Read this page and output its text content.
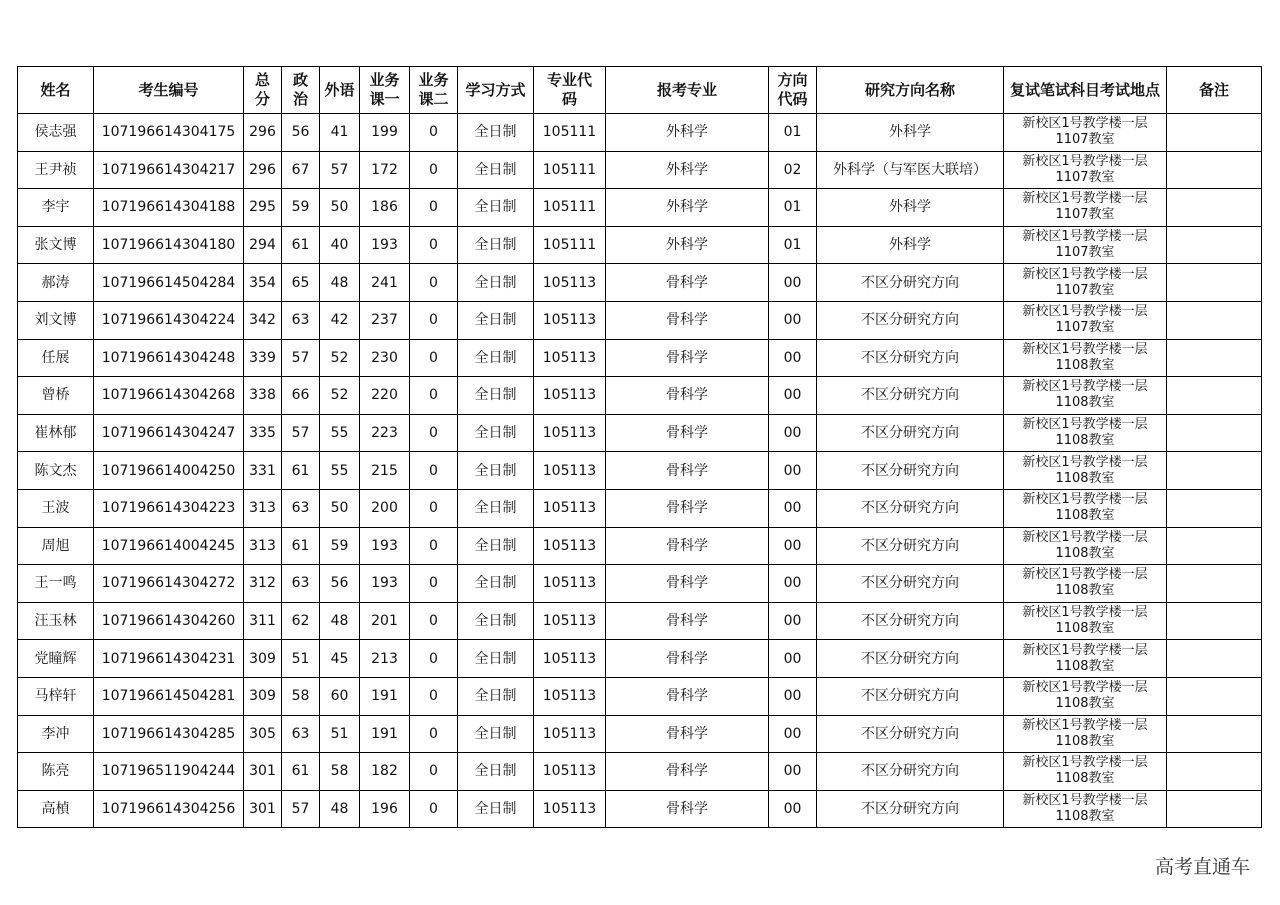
姓名	考生编号	总分	政治	外语	业务课一	业务课二	学习方式	专业代码	报考专业	方向代码	研究方向名称	复试笔试科目考试地点	备注
侯志强	107196614304175	296	56	41	199	0	全日制	105111	外科学	01	外科学	新校区1号教学楼一层1107教室	
王尹祯	107196614304217	296	67	57	172	0	全日制	105111	外科学	02	外科学（与军医大联培）	新校区1号教学楼一层1107教室	
李宇	107196614304188	295	59	50	186	0	全日制	105111	外科学	01	外科学	新校区1号教学楼一层1107教室	
张文博	107196614304180	294	61	40	193	0	全日制	105111	外科学	01	外科学	新校区1号教学楼一层1107教室	
郝涛	107196614504284	354	65	48	241	0	全日制	105113	骨科学	00	不区分研究方向	新校区1号教学楼一层1107教室	
刘文博	107196614304224	342	63	42	237	0	全日制	105113	骨科学	00	不区分研究方向	新校区1号教学楼一层1107教室	
任展	107196614304248	339	57	52	230	0	全日制	105113	骨科学	00	不区分研究方向	新校区1号教学楼一层1108教室	
曾桥	107196614304268	338	66	52	220	0	全日制	105113	骨科学	00	不区分研究方向	新校区1号教学楼一层1108教室	
崔林郁	107196614304247	335	57	55	223	0	全日制	105113	骨科学	00	不区分研究方向	新校区1号教学楼一层1108教室	
陈文杰	107196614004250	331	61	55	215	0	全日制	105113	骨科学	00	不区分研究方向	新校区1号教学楼一层1108教室	
王波	107196614304223	313	63	50	200	0	全日制	105113	骨科学	00	不区分研究方向	新校区1号教学楼一层1108教室	
周旭	107196614004245	313	61	59	193	0	全日制	105113	骨科学	00	不区分研究方向	新校区1号教学楼一层1108教室	
王一鸣	107196614304272	312	63	56	193	0	全日制	105113	骨科学	00	不区分研究方向	新校区1号教学楼一层1108教室	
汪玉林	107196614304260	311	62	48	201	0	全日制	105113	骨科学	00	不区分研究方向	新校区1号教学楼一层1108教室	
党瞳辉	107196614304231	309	51	45	213	0	全日制	105113	骨科学	00	不区分研究方向	新校区1号教学楼一层1108教室	
马梓轩	107196614504281	309	58	60	191	0	全日制	105113	骨科学	00	不区分研究方向	新校区1号教学楼一层1108教室	
李冲	107196614304285	305	63	51	191	0	全日制	105113	骨科学	00	不区分研究方向	新校区1号教学楼一层1108教室	
陈亮	107196511904244	301	61	58	182	0	全日制	105113	骨科学	00	不区分研究方向	新校区1号教学楼一层1108教室	
高楨	107196614304256	301	57	48	196	0	全日制	105113	骨科学	00	不区分研究方向	新校区1号教学楼一层1108教室	
高考直通车
